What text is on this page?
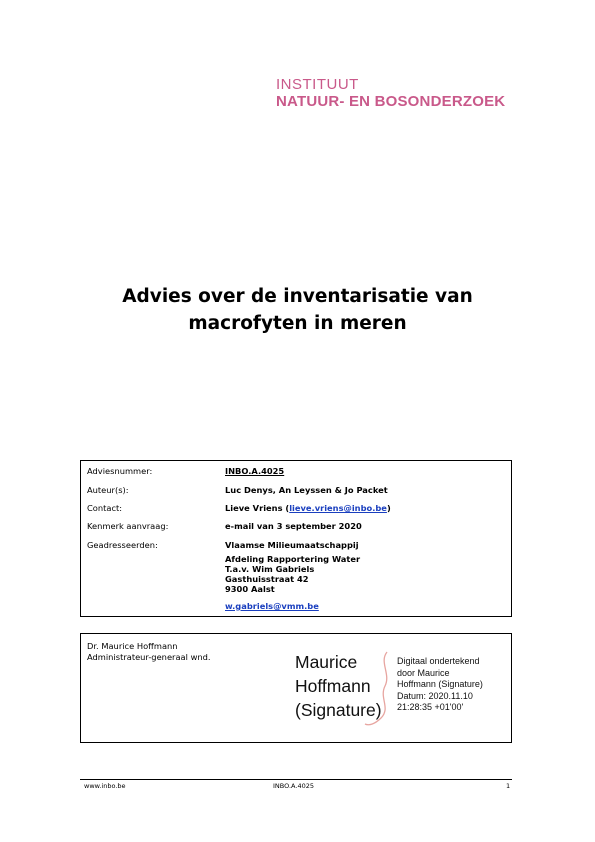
INSTITUUT
NATUUR- EN BOSONDERZOEK
Advies over de inventarisatie van
macrofyten in meren
Adviesnummer:	INBO.A.4025
Auteur(s):	Luc Denys, An Leyssen & Jo Packet
Contact:	Lieve Vriens (lieve.vriens@inbo.be)
Kenmerk aanvraag:	e-mail van 3 september 2020
Geadresseerden:	Vlaamse Milieumaatschappij
Afdeling Rapportering Water
T.a.v. Wim Gabriels
Gasthuisstraat 42
9300 Aalst
w.gabriels@vmm.be
Dr. Maurice Hoffmann
Administrateur-generaal wnd.	Maurice
Hoffmann
(Signature)
Digitaal ondertekend
door Maurice
Hoffmann (Signature)
Datum: 2020.11.10
21:28:35 +01'00'
www.inbo.be	INBO.A.4025	1
